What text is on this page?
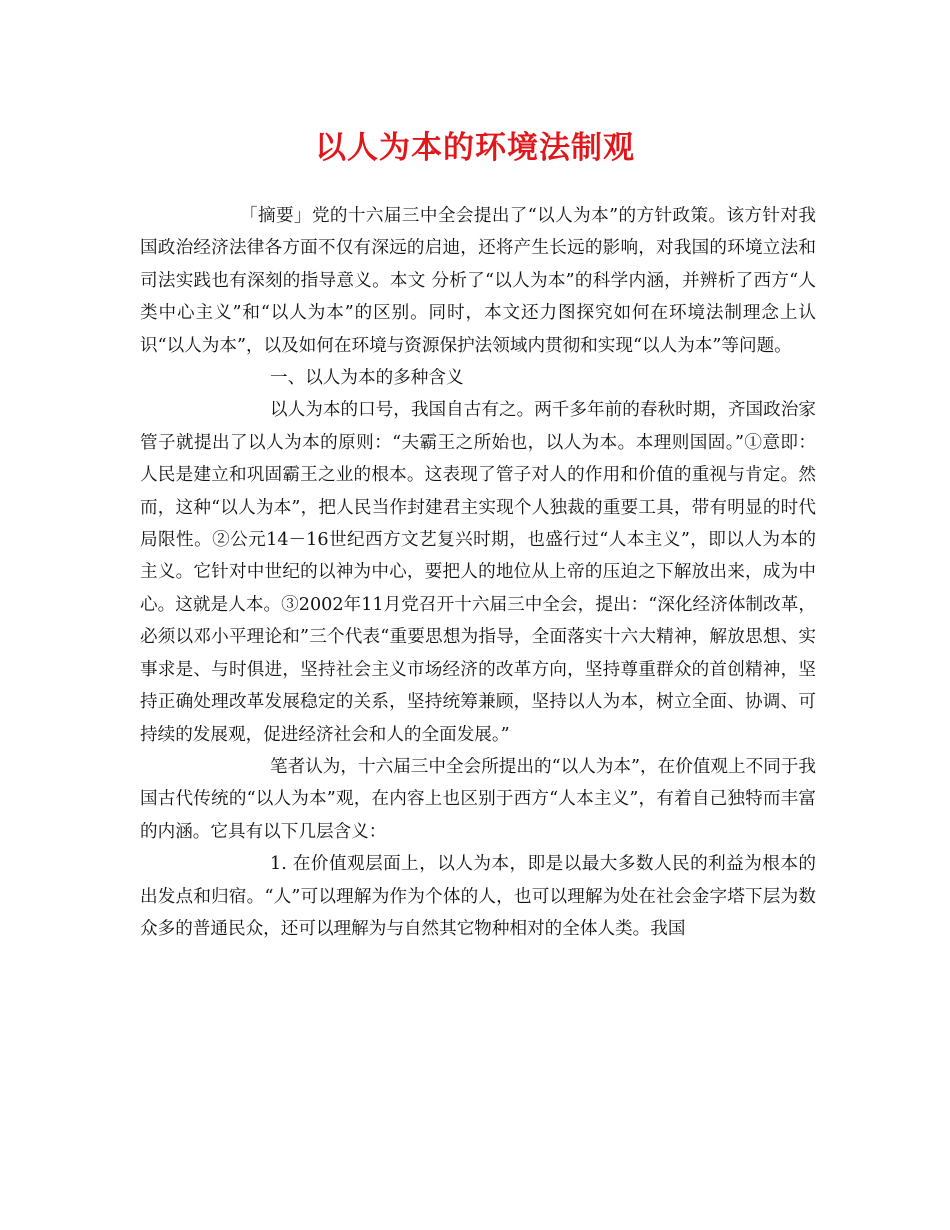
以人为本的环境法制观

「摘要」党的十六届三中全会提出了“以人为本”的方针政策。该方针对我国政治经济法律各方面不仅有深远的启迪，还将产生长远的影响，对我国的环境立法和司法实践也有深刻的指导意义。本文 分析了“以人为本”的科学内涵，并辨析了西方“人类中心主义”和“以人为本”的区别。同时，本文还力图探究如何在环境法制理念上认识“以人为本”，以及如何在环境与资源保护法领域内贯彻和实现“以人为本”等问题。

一、以人为本的多种含义

以人为本的口号，我国自古有之。两千多年前的春秋时期，齐国政治家管子就提出了以人为本的原则：“夫霸王之所始也，以人为本。本理则国固。”①意即：人民是建立和巩固霸王之业的根本。这表现了管子对人的作用和价值的重视与肯定。然而，这种“以人为本”，把人民当作封建君主实现个人独裁的重要工具，带有明显的时代局限性。②公元14－16世纪西方文艺复兴时期，也盛行过“人本主义”，即以人为本的主义。它针对中世纪的以神为中心，要把人的地位从上帝的压迫之下解放出来，成为中心。这就是人本。③2002年11月党召开十六届三中全会，提出：“深化经济体制改革，必须以邓小平理论和”三个代表“重要思想为指导，全面落实十六大精神，解放思想、实事求是、与时俱进，坚持社会主义市场经济的改革方向，坚持尊重群众的首创精神，坚持正确处理改革发展稳定的关系，坚持统筹兼顾，坚持以人为本，树立全面、协调、可持续的发展观，促进经济社会和人的全面发展。”

笔者认为，十六届三中全会所提出的“以人为本”，在价值观上不同于我国古代传统的“以人为本”观，在内容上也区别于西方“人本主义”，有着自己独特而丰富的内涵。它具有以下几层含义：

1. 在价值观层面上，以人为本，即是以最大多数人民的利益为根本的出发点和归宿。“人”可以理解为作为个体的人，也可以理解为处在社会金字塔下层为数众多的普通民众，还可以理解为与自然其它物种相对的全体人类。我国
